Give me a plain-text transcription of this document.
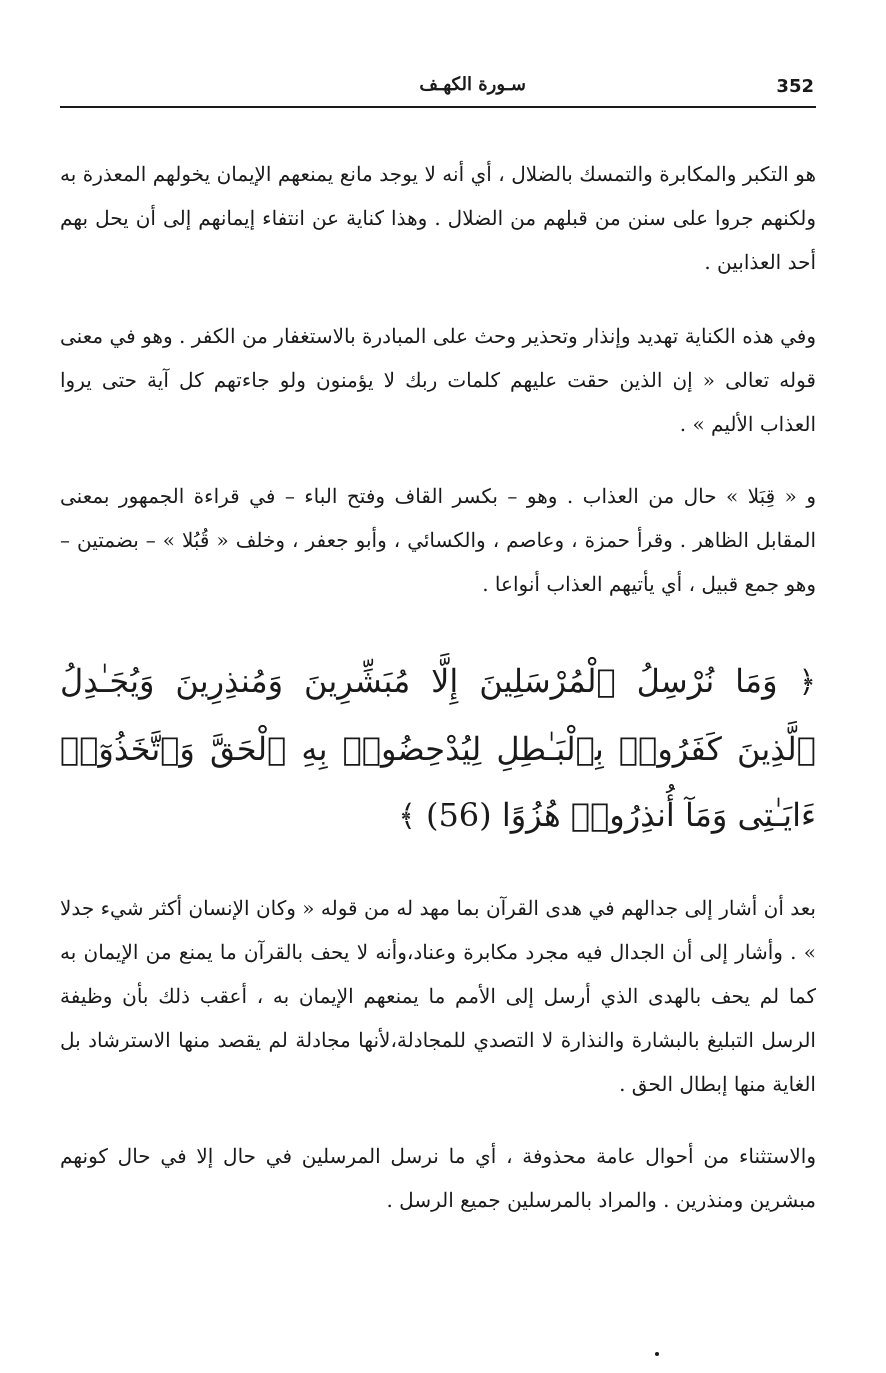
352
سـورة الكهـف

هو التكبر والمكابرة والتمسك بالضلال ، أي أنه لا يوجد مانع يمنعهم الإيمان يخولهم المعذرة به ولكنهم جروا على سنن من قبلهم من الضلال . وهذا كناية عن انتفاء إيمانهم إلى أن يحل بهم أحد العذابين .

وفي هذه الكناية تهديد وإنذار وتحذير وحث على المبادرة بالاستغفار من الكفر . وهو في معنى قوله تعالى « إن الذين حقت عليهم كلمات ربك لا يؤمنون ولو جاءتهم كل آية حتى يروا العذاب الأليم » .

و « قِبَلا » حال من العذاب . وهو – بكسر القاف وفتح الباء – في قراءة الجمهور بمعنى المقابل الظاهر . وقرأ حمزة ، وعاصم ، والكسائي ، وأبو جعفر ، وخلف « قُبُلا » – بضمتين – وهو جمع قبيل ، أي يأتيهم العذاب أنواعا .

﴿ وَمَا نُرْسِلُ ٱلْمُرْسَلِينَ إِلَّا مُبَشِّرِينَ وَمُنذِرِينَ وَيُجَـٰدِلُ ٱلَّذِينَ كَفَرُوا۟ بِٱلْبَـٰطِلِ لِيُدْحِضُوا۟ بِهِ ٱلْحَقَّ وَٱتَّخَذُوٓا۟ ءَايَـٰتِى وَمَآ أُنذِرُوا۟ هُزُوًا (56) ﴾

بعد أن أشار إلى جدالهم في هدى القرآن بما مهد له من قوله « وكان الإنسان أكثر شيء جدلا » . وأشار إلى أن الجدال فيه مجرد مكابرة وعناد،وأنه لا يحف بالقرآن ما يمنع من الإيمان به كما لم يحف بالهدى الذي أرسل إلى الأمم ما يمنعهم الإيمان به ، أعقب ذلك بأن وظيفة الرسل التبليغ بالبشارة والنذارة لا التصدي للمجادلة،لأنها مجادلة لم يقصد منها الاسترشاد بل الغاية منها إبطال الحق .

والاستثناء من أحوال عامة محذوفة ، أي ما نرسل المرسلين في حال إلا في حال كونهم مبشرين ومنذرين . والمراد بالمرسلين جميع الرسل .
